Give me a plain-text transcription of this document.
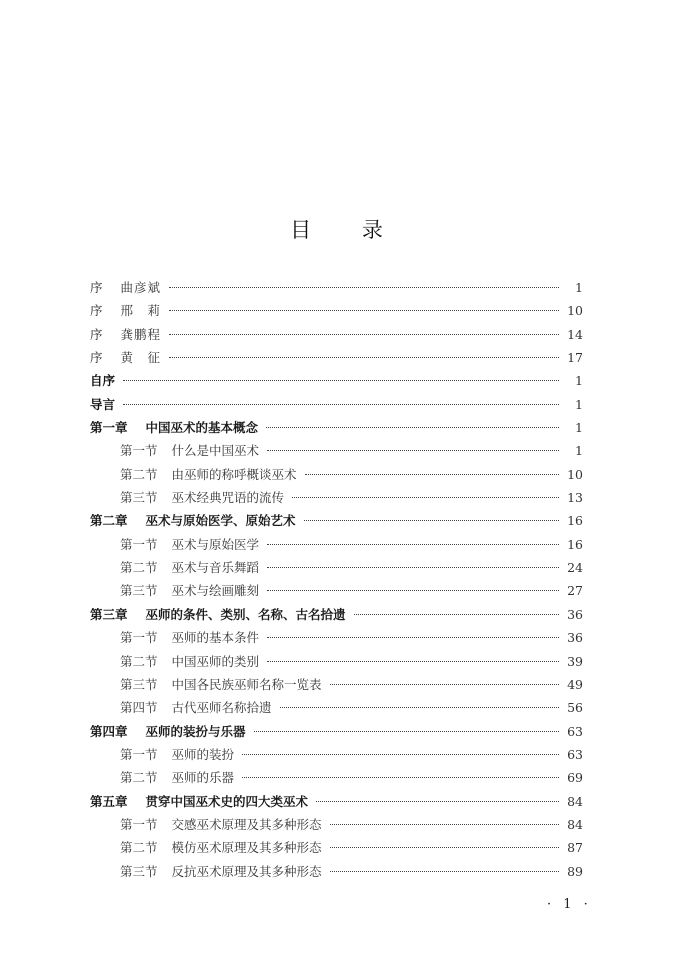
目 录
序 曲彦斌	1
序 邢　莉	10
序 龚鹏程	14
序 黄　征	17
自序	1
导言	1
第一章 中国巫术的基本概念	1
第一节 什么是中国巫术	1
第二节 由巫师的称呼概谈巫术	10
第三节 巫术经典咒语的流传	13
第二章 巫术与原始医学、原始艺术	16
第一节 巫术与原始医学	16
第二节 巫术与音乐舞蹈	24
第三节 巫术与绘画雕刻	27
第三章 巫师的条件、类别、名称、古名拾遗	36
第一节 巫师的基本条件	36
第二节 中国巫师的类别	39
第三节 中国各民族巫师名称一览表	49
第四节 古代巫师名称拾遗	56
第四章 巫师的装扮与乐器	63
第一节 巫师的装扮	63
第二节 巫师的乐器	69
第五章 贯穿中国巫术史的四大类巫术	84
第一节 交感巫术原理及其多种形态	84
第二节 模仿巫术原理及其多种形态	87
第三节 反抗巫术原理及其多种形态	89
· 1 ·
